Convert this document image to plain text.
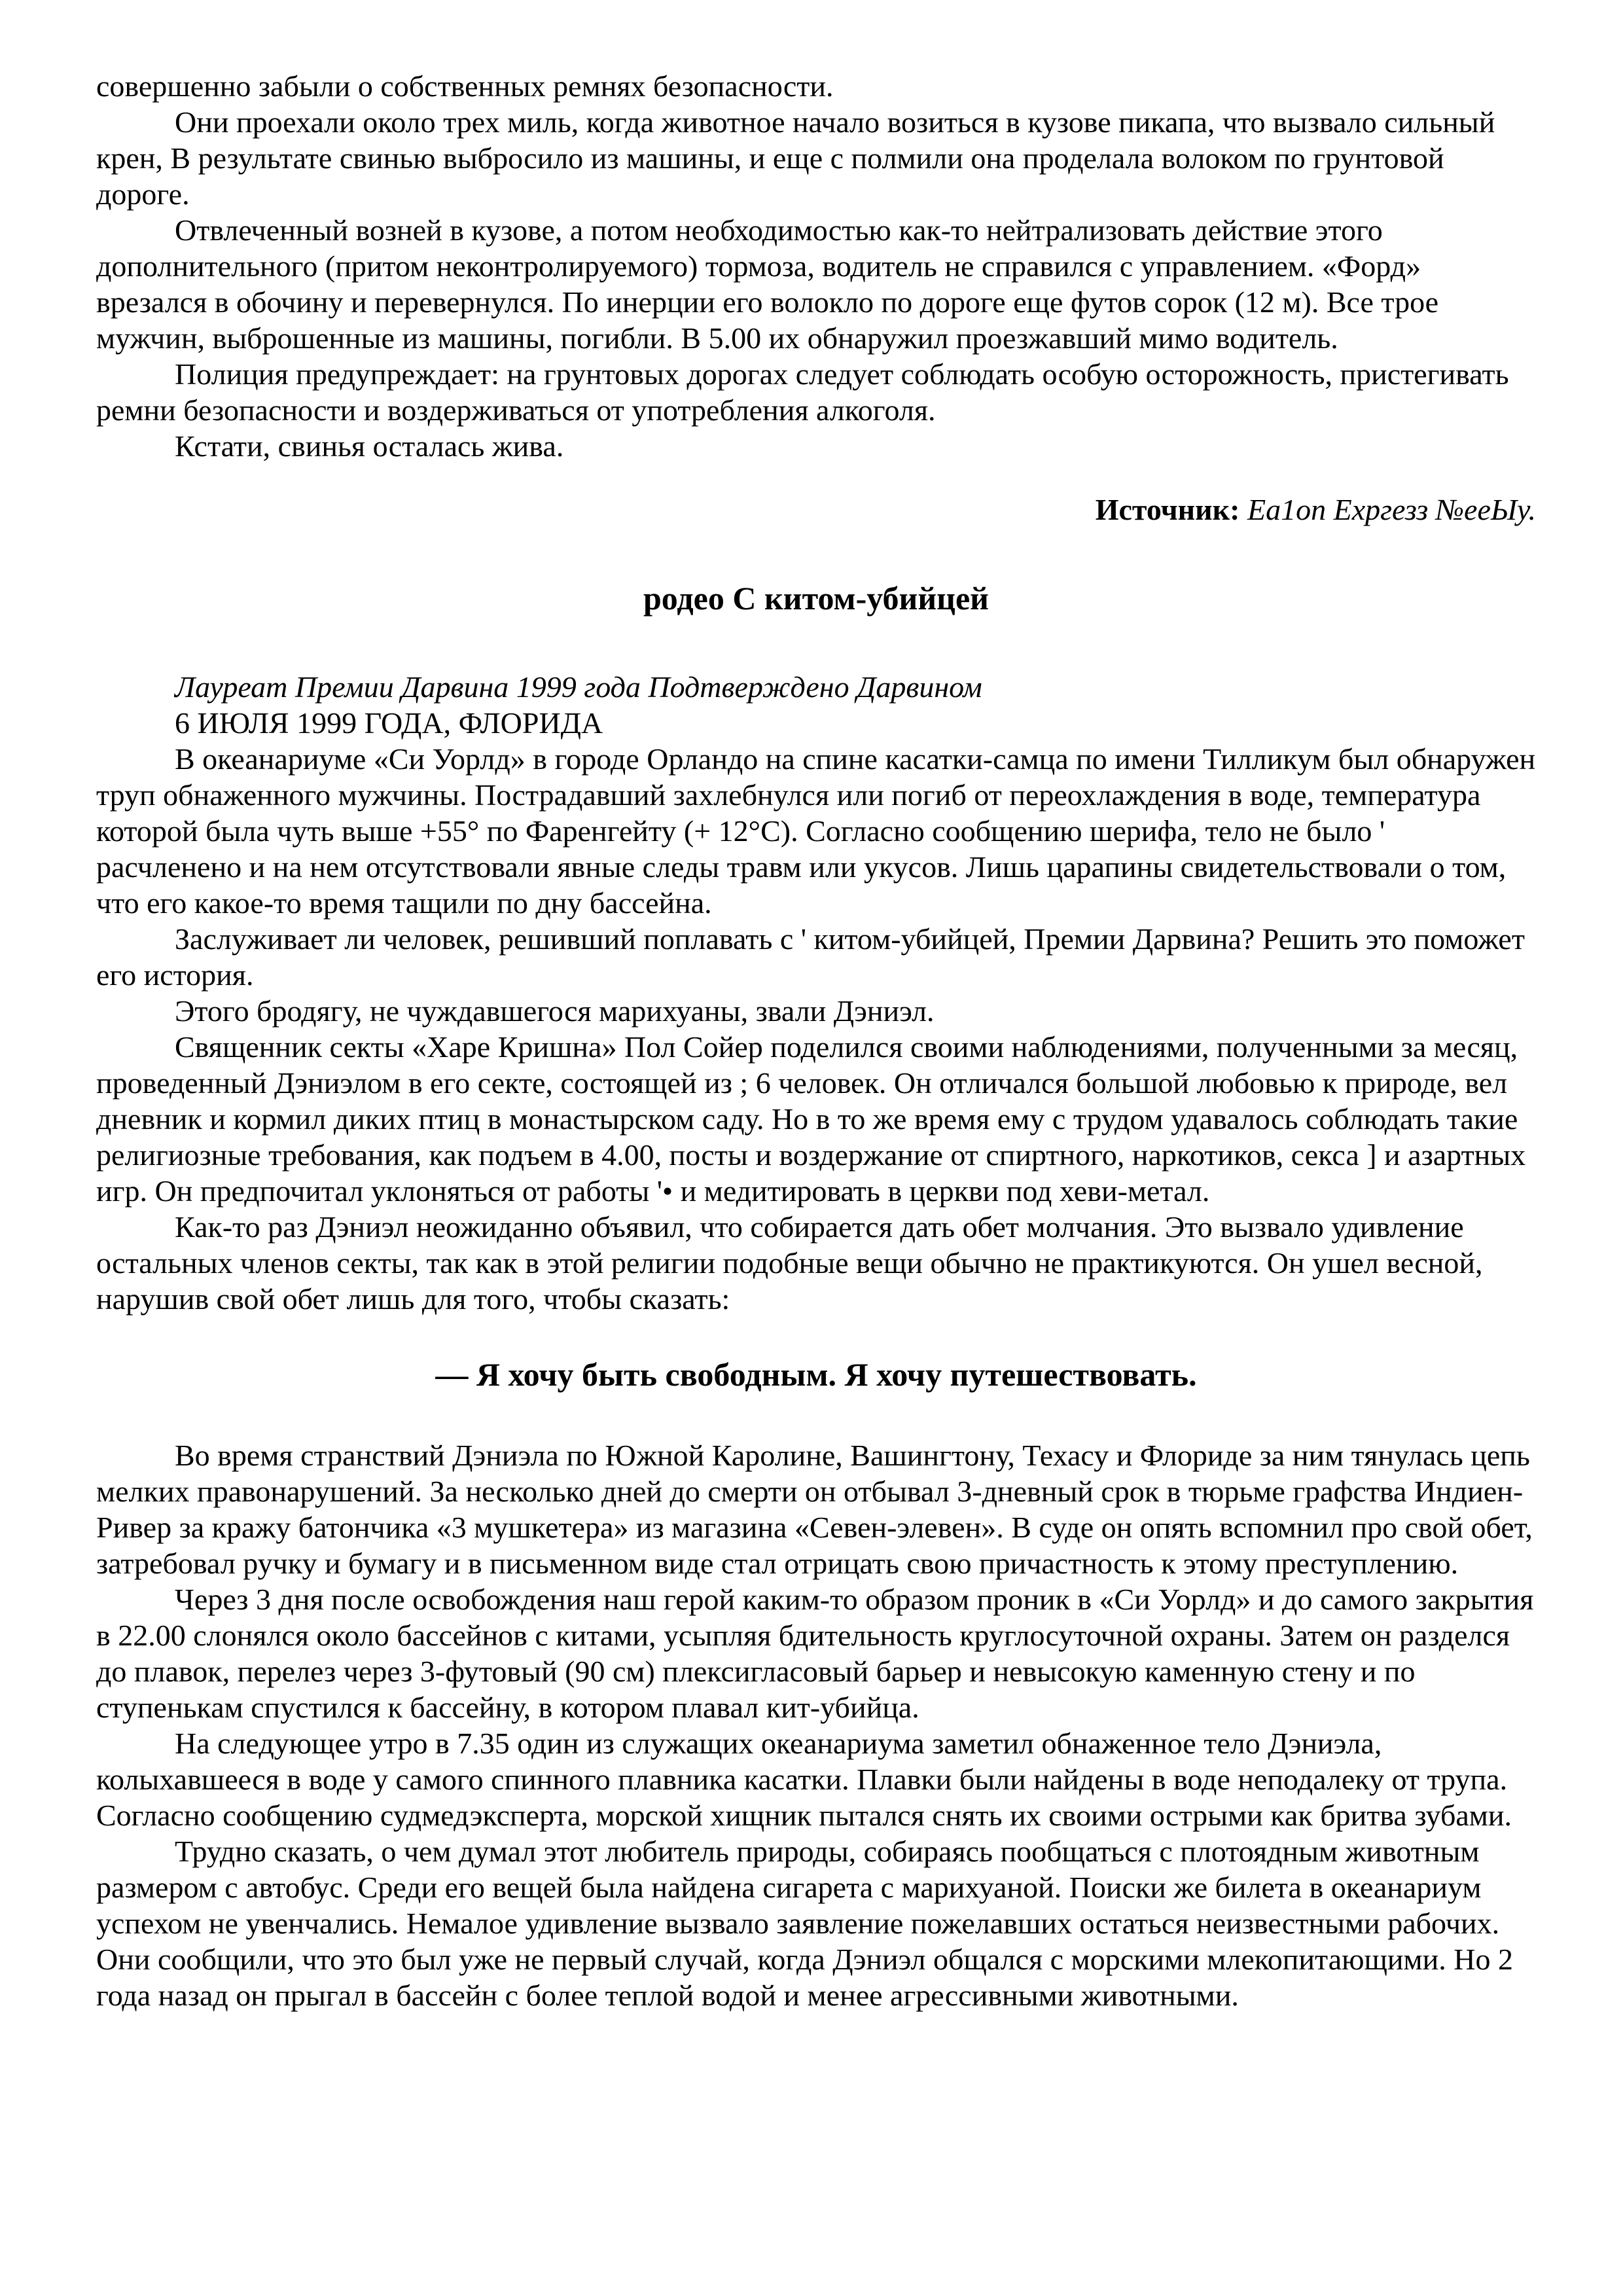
совершенно забыли о собственных ремнях безопасности.

Они проехали около трех миль, когда животное начало возиться в кузове пикапа, что вызвало сильный крен, В результате свинью выбросило из машины, и еще с полмили она проделала волоком по грунтовой дороге.

Отвлеченный возней в кузове, а потом необходимостью как-то нейтрализовать действие этого дополнительного (притом неконтролируемого) тормоза, водитель не справился с управлением. «Форд» врезался в обочину и перевернулся. По инерции его волокло по дороге еще футов сорок (12 м). Все трое мужчин, выброшенные из машины, погибли. В 5.00 их обнаружил проезжавший мимо водитель.

Полиция предупреждает: на грунтовых дорогах следует соблюдать особую осторожность, пристегивать ремни безопасности и воздерживаться от употребления алкоголя.

Кстати, свинья осталась жива.

Источник: Еа1оn Ехргезз №ееЫу.

родео С китом-убийцей

Лауреат Премии Дарвина 1999 года Подтверждено Дарвином

6 ИЮЛЯ 1999 ГОДА, ФЛОРИДА

В океанариуме «Си Уорлд» в городе Орландо на спине касатки-самца по имени Тилликум был обнаружен труп обнаженного мужчины. Пострадавший захлебнулся или погиб от переохлаждения в воде, температура которой была чуть выше +55° по Фаренгейту (+ 12°С). Согласно сообщению шерифа, тело не было ' расчленено и на нем отсутствовали явные следы травм или укусов. Лишь царапины свидетельствовали о том, что его какое-то время тащили по дну бассейна.

Заслуживает ли человек, решивший поплавать с ' китом-убийцей, Премии Дарвина? Решить это поможет его история.

Этого бродягу, не чуждавшегося марихуаны, звали Дэниэл.

Священник секты «Харе Кришна» Пол Сойер поделился своими наблюдениями, полученными за месяц, проведенный Дэниэлом в его секте, состоящей из ; 6 человек. Он отличался большой любовью к природе, вел дневник и кормил диких птиц в монастырском саду. Но в то же время ему с трудом удавалось соблюдать такие религиозные требования, как подъем в 4.00, посты и воздержание от спиртного, наркотиков, секса ] и азартных игр. Он предпочитал уклоняться от работы '• и медитировать в церкви под хеви-метал.

Как-то раз Дэниэл неожиданно объявил, что собирается дать обет молчания. Это вызвало удивление остальных членов секты, так как в этой религии подобные вещи обычно не практикуются. Он ушел весной, нарушив свой обет лишь для того, чтобы сказать:

— Я хочу быть свободным. Я хочу путешествовать.

Во время странствий Дэниэла по Южной Каролине, Вашингтону, Техасу и Флориде за ним тянулась цепь мелких правонарушений. За несколько дней до смерти он отбывал 3-дневный срок в тюрьме графства Индиен-Ривер за кражу батончика «3 мушкетера» из магазина «Севен-элевен». В суде он опять вспомнил про свой обет, затребовал ручку и бумагу и в письменном виде стал отрицать свою причастность к этому преступлению.

Через 3 дня после освобождения наш герой каким-то образом проник в «Си Уорлд» и до самого закрытия в 22.00 слонялся около бассейнов с китами, усыпляя бдительность круглосуточной охраны. Затем он разделся до плавок, перелез через 3-футовый (90 см) плексигласовый барьер и невысокую каменную стену и по ступенькам спустился к бассейну, в котором плавал кит-убийца.

На следующее утро в 7.35 один из служащих океанариума заметил обнаженное тело Дэниэла, колыхавшееся в воде у самого спинного плавника касатки. Плавки были найдены в воде неподалеку от трупа. Согласно сообщению судмедэксперта, морской хищник пытался снять их своими острыми как бритва зубами.

Трудно сказать, о чем думал этот любитель природы, собираясь пообщаться с плотоядным животным размером с автобус. Среди его вещей была найдена сигарета с марихуаной. Поиски же билета в океанариум успехом не увенчались. Немалое удивление вызвало заявление пожелавших остаться неизвестными рабочих. Они сообщили, что это был уже не первый случай, когда Дэниэл общался с морскими млекопитающими. Но 2 года назад он прыгал в бассейн с более теплой водой и менее агрессивными животными.
